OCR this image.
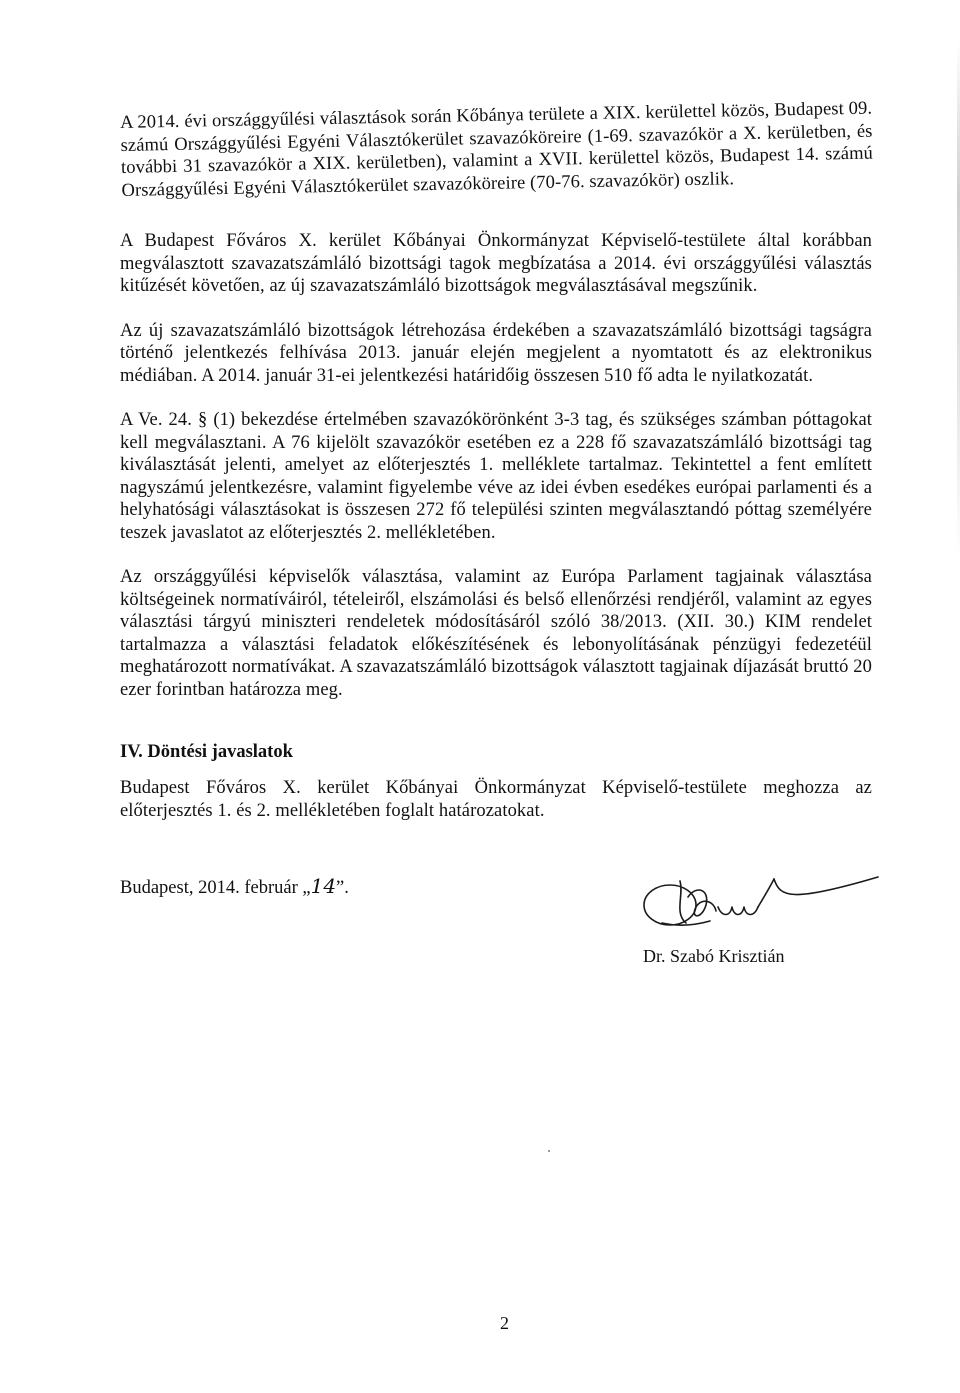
A 2014. évi országgyűlési választások során Kőbánya területe a XIX. kerülettel közös, Budapest 09. számú Országgyűlési Egyéni Választókerület szavazóköreire (1-69. szavazókör a X. kerületben, és további 31 szavazókör a XIX. kerületben), valamint a XVII. kerülettel közös, Budapest 14. számú Országgyűlési Egyéni Választókerület szavazóköreire (70-76. szavazókör) oszlik.

A Budapest Főváros X. kerület Kőbányai Önkormányzat Képviselő-testülete által korábban megválasztott szavazatszámláló bizottsági tagok megbízatása a 2014. évi országgyűlési választás kitűzését követően, az új szavazatszámláló bizottságok megválasztásával megszűnik.

Az új szavazatszámláló bizottságok létrehozása érdekében a szavazatszámláló bizottsági tagságra történő jelentkezés felhívása 2013. január elején megjelent a nyomtatott és az elektronikus médiában. A 2014. január 31-ei jelentkezési határidőig összesen 510 fő adta le nyilatkozatát.

A Ve. 24. § (1) bekezdése értelmében szavazókörönként 3-3 tag, és szükséges számban póttagokat kell megválasztani. A 76 kijelölt szavazókör esetében ez a 228 fő szavazatszámláló bizottsági tag kiválasztását jelenti, amelyet az előterjesztés 1. melléklete tartalmaz. Tekintettel a fent említett nagyszámú jelentkezésre, valamint figyelembe véve az idei évben esedékes európai parlamenti és a helyhatósági választásokat is összesen 272 fő települési szinten megválasztandó póttag személyére teszek javaslatot az előterjesztés 2. mellékletében.

Az országgyűlési képviselők választása, valamint az Európa Parlament tagjainak választása költségeinek normatíváiról, tételeiről, elszámolási és belső ellenőrzési rendjéről, valamint az egyes választási tárgyú miniszteri rendeletek módosításáról szóló 38/2013. (XII. 30.) KIM rendelet tartalmazza a választási feladatok előkészítésének és lebonyolításának pénzügyi fedezetéül meghatározott normatívákat. A szavazatszámláló bizottságok választott tagjainak díjazását bruttó 20 ezer forintban határozza meg.

IV. Döntési javaslatok

Budapest Főváros X. kerület Kőbányai Önkormányzat Képviselő-testülete meghozza az előterjesztés 1. és 2. mellékletében foglalt határozatokat.

Budapest, 2014. február „14”.
Dr. Szabó Krisztián
2
